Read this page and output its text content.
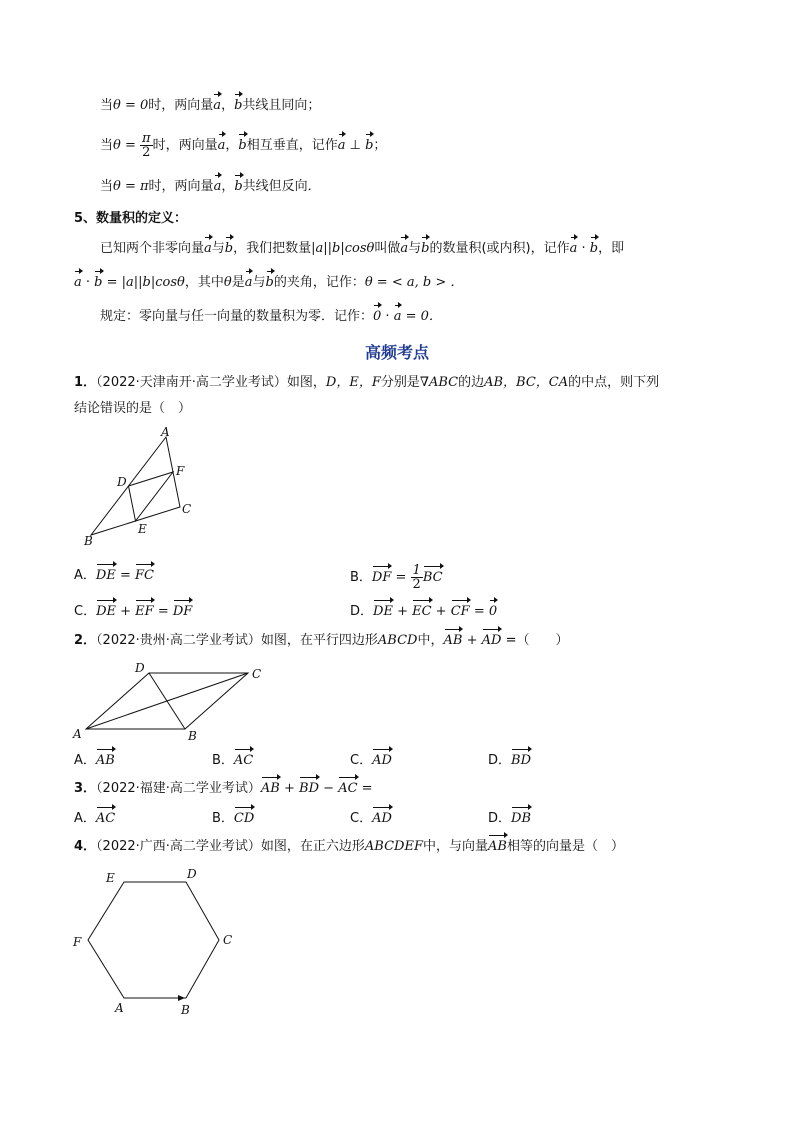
当θ = 0时，两向量a，b共线且同向；
当$\theta = \frac{\pi}{2}$ 时，两向量a，b相互垂直，记作a ⊥ b；
当θ = π时，两向量a，b共线但反向．
5、数量积的定义：
已知两个非零向量a与b，我们把数量|a||b|cosθ叫做a与b的数量积(或内积)，记作a · b，即
a · b = |a||b|cosθ，其中θ是a与b的夹角，记作：θ = < a, b > ．
规定：零向量与任一向量的数量积为零．记作：0 · a = 0．
高频考点
1．（2022·天津南开·高二学业考试）如图，D，E，F分别是∇ABC的边AB，BC，CA的中点，则下列
结论错误的是（　）
A
B
C
D
E
F
A．DE = FC	B．DF = $\frac{1}{2}$ BC
C．DE + EF = DF	D．DE + EC + CF = 0
2．（2022·贵州·高二学业考试）如图，在平行四边形ABCD中，AB + AD =（　　）
A	B
C
D
A．AB	B．AC	C．AD	D．BD
3．（2022·福建·高二学业考试）AB + BD − AC =
A．AC	B．CD	C．AD	D．DB
4．（2022·广西·高二学业考试）如图，在正六边形ABCDEF中，与向量AB相等的向量是（　）
A	B
C
D
E
F
